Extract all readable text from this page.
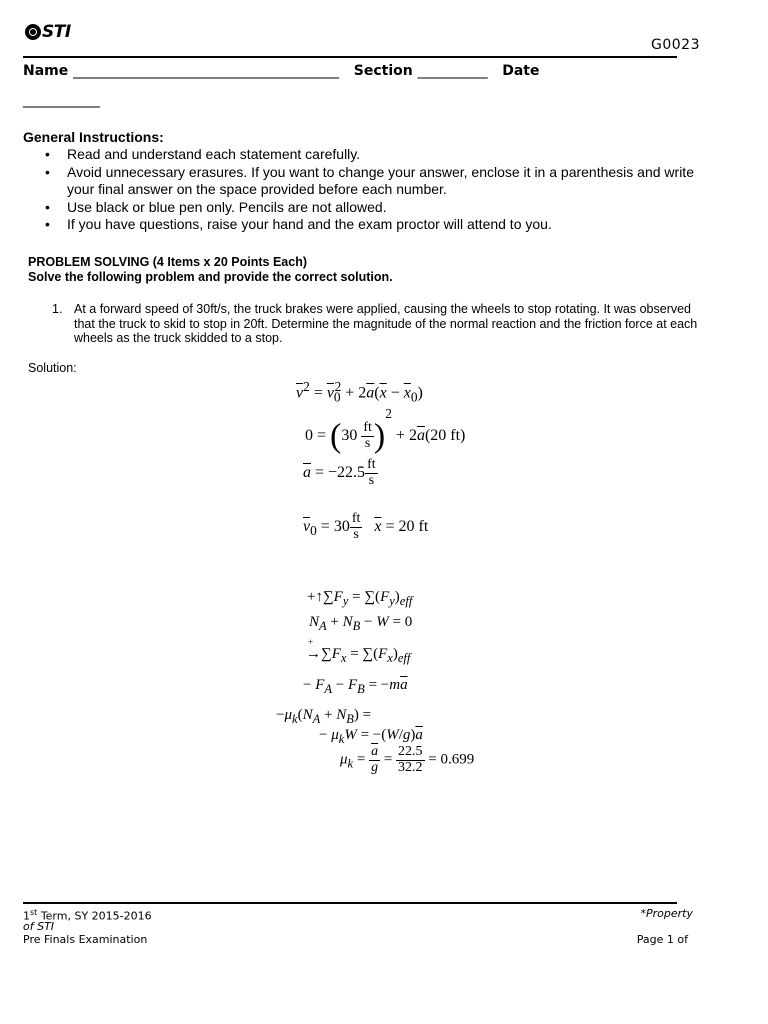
STI
G0023
Name ______________________________________ Section __________ Date
___________
General Instructions:
• Read and understand each statement carefully.
• Avoid unnecessary erasures. If you want to change your answer, enclose it in a parenthesis and write your final answer on the space provided before each number.
• Use black or blue pen only. Pencils are not allowed.
• If you have questions, raise your hand and the exam proctor will attend to you.
PROBLEM SOLVING (4 Items x 20 Points Each)
Solve the following problem and provide the correct solution.
1. At a forward speed of 30ft/s, the truck brakes were applied, causing the wheels to stop rotating. It was observed that the truck to skid to stop in 20ft. Determine the magnitude of the normal reaction and the friction force at each wheels as the truck skidded to a stop.
Solution:
$\overline{v}^2 = \overline{v}_0^2 + 2\overline{a}(\overline{x} - \overline{x}_0)$
$0 = (30 \frac{ft}{s} )^2 + 2\overline{a}(20$ ft)
$\overline{a} = -22.5 \frac{ft}{s}$
$\overline{v}_0 = 30 \frac{ft}{s} \overline{x} = 20$ ft
$+↑\sum F_y = \sum(F_y)_{eff}$
$N_A + N_B - W = 0$
+
$\to\sum F_x = \sum(F_x)_{eff}$
− $F_A - F_B = -m\overline{a}$
$-\mu_k(N_A + N_B)$ =
− $\mu_kW = -(W/g)\overline{a}$
$\mu_k = \frac{\overline{a}}{g} = \frac{22.5}{32.2} = 0.699$
1st Term, SY 2015-2016
of STI
Pre Finals Examination
*Property
Page 1 of
